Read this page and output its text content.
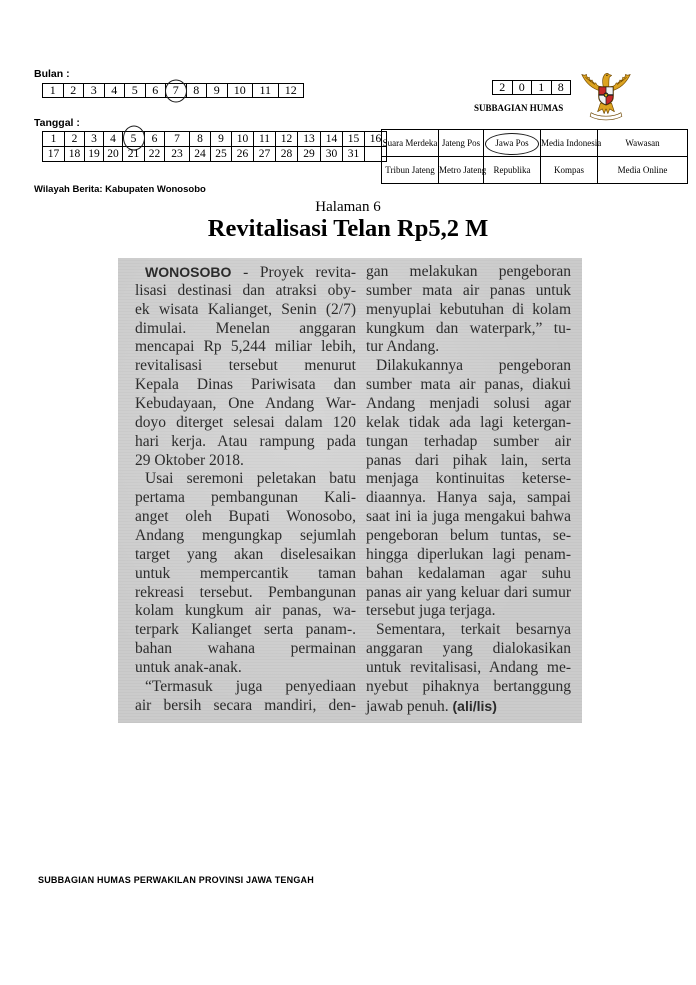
Bulan :
1	2	3	4	5	6	7	8	9	10	11	12	2	0	1	8
SUBBAGIAN HUMAS
Tanggal :
1	2	3	4	5	6	7	8	9	10	11	12	13	14	15	16
17	18	19	20	21	22	23	24	25	26	27	28	29	30	31	
Suara Merdeka	Jateng Pos	Jawa Pos	Media Indonesia	Wawasan
Tribun Jateng	Metro Jateng	Republika	Kompas	Media Online
Wilayah Berita: Kabupaten Wonosobo
Halaman 6
Revitalisasi Telan Rp5,2 M
WONOSOBO - Proyek revita-
lisasi destinasi dan atraksi oby-
ek wisata Kalianget, Senin (2/7)
dimulai. Menelan anggaran
mencapai Rp 5,244 miliar lebih,
revitalisasi tersebut menurut
Kepala Dinas Pariwisata dan
Kebudayaan, One Andang War-
doyo diterget selesai dalam 120
hari kerja. Atau rampung pada
29 Oktober 2018.
Usai seremoni peletakan batu
pertama pembangunan Kali-
anget oleh Bupati Wonosobo,
Andang mengungkap sejumlah
target yang akan diselesaikan
untuk mempercantik taman
rekreasi tersebut. Pembangunan
kolam kungkum air panas, wa-
terpark Kalianget serta panam-.
bahan wahana permainan
untuk anak-anak.
“Termasuk juga penyediaan
air bersih secara mandiri, den-
gan melakukan pengeboran
sumber mata air panas untuk
menyuplai kebutuhan di kolam
kungkum dan waterpark,” tu-
tur Andang.
Dilakukannya pengeboran
sumber mata air panas, diakui
Andang menjadi solusi agar
kelak tidak ada lagi ketergan-
tungan terhadap sumber air
panas dari pihak lain, serta
menjaga kontinuitas keterse-
diaannya. Hanya saja, sampai
saat ini ia juga mengakui bahwa
pengeboran belum tuntas, se-
hingga diperlukan lagi penam-
bahan kedalaman agar suhu
panas air yang keluar dari sumur
tersebut juga terjaga.
Sementara, terkait besarnya
anggaran yang dialokasikan
untuk revitalisasi, Andang me-
nyebut pihaknya bertanggung
jawab penuh. (ali/lis)
SUBBAGIAN HUMAS PERWAKILAN PROVINSI JAWA TENGAH
